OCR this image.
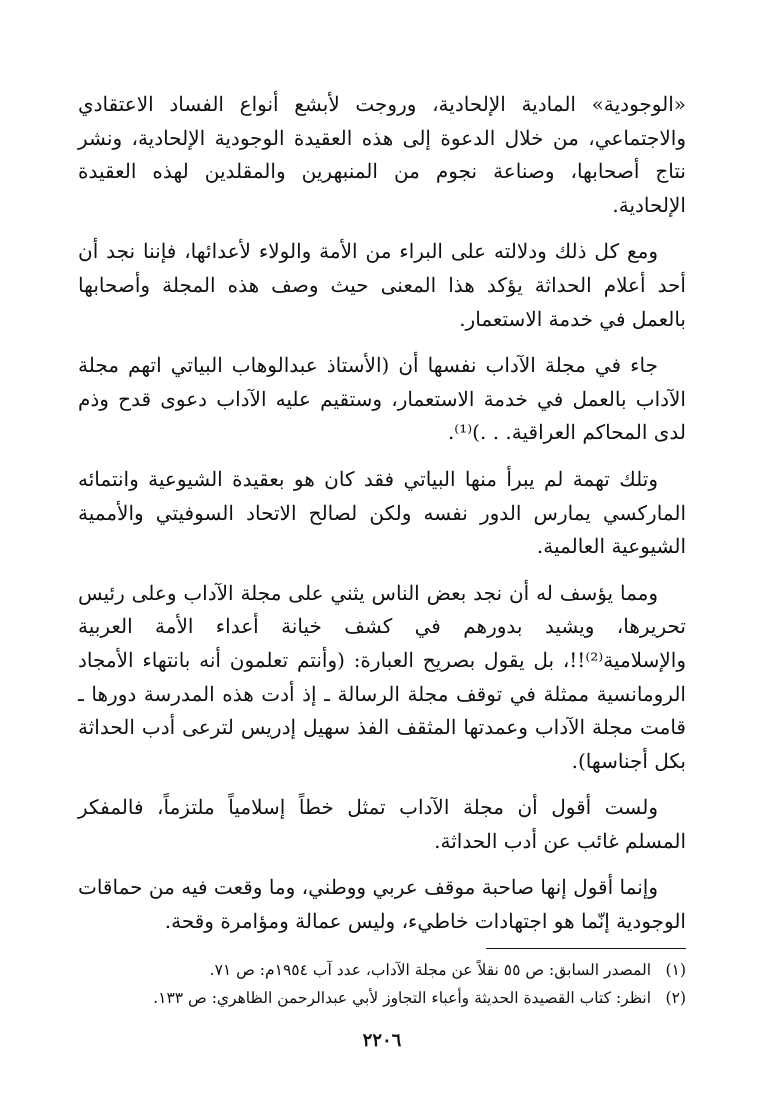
«الوجودية» المادية الإلحادية، وروجت لأبشع أنواع الفساد الاعتقادي والاجتماعي، من خلال الدعوة إلى هذه العقيدة الوجودية الإلحادية، ونشر نتاج أصحابها، وصناعة نجوم من المنبهرين والمقلدين لهذه العقيدة الإلحادية.

ومع كل ذلك ودلالته على البراء من الأمة والولاء لأعدائها، فإننا نجد أن أحد أعلام الحداثة يؤكد هذا المعنى حيث وصف هذه المجلة وأصحابها بالعمل في خدمة الاستعمار.

جاء في مجلة الآداب نفسها أن (الأستاذ عبدالوهاب البياتي اتهم مجلة الآداب بالعمل في خدمة الاستعمار، وستقيم عليه الآداب دعوى قدح وذم لدى المحاكم العراقية. . .)⁽¹⁾.

وتلك تهمة لم يبرأ منها البياتي فقد كان هو بعقيدة الشيوعية وانتمائه الماركسي يمارس الدور نفسه ولكن لصالح الاتحاد السوفيتي والأممية الشيوعية العالمية.

ومما يؤسف له أن نجد بعض الناس يثني على مجلة الآداب وعلى رئيس تحريرها، ويشيد بدورهم في كشف خيانة أعداء الأمة العربية والإسلامية⁽²⁾!!، بل يقول بصريح العبارة: (وأنتم تعلمون أنه بانتهاء الأمجاد الرومانسية ممثلة في توقف مجلة الرسالة ـ إذ أدت هذه المدرسة دورها ـ قامت مجلة الآداب وعمدتها المثقف الفذ سهيل إدريس لترعى أدب الحداثة بكل أجناسها).

ولست أقول أن مجلة الآداب تمثل خطاً إسلامياً ملتزماً، فالمفكر المسلم غائب عن أدب الحداثة.

وإنما أقول إنها صاحبة موقف عربي ووطني، وما وقعت فيه من حماقات الوجودية إنّما هو اجتهادات خاطيء، وليس عمالة ومؤامرة وقحة.

(١) المصدر السابق: ص ٥٥ نقلاً عن مجلة الآداب، عدد آب ١٩٥٤م: ص ٧١.

(٢) انظر: كتاب القصيدة الحديثة وأعباء التجاوز لأبي عبدالرحمن الظاهري: ص ١٣٣.

٢٢٠٦
